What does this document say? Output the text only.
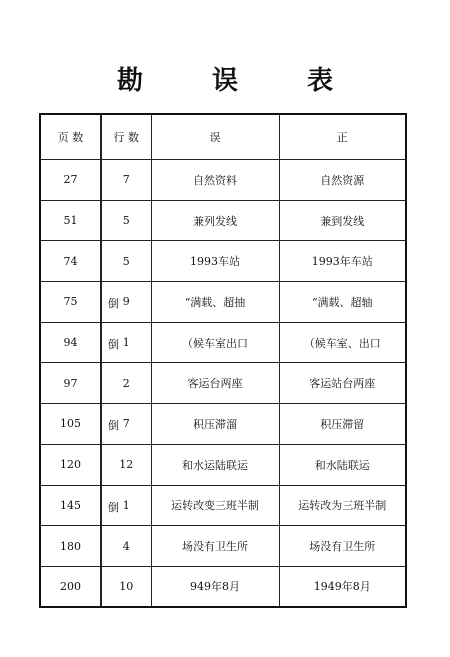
勘 误 表
页 数	行 数	误	正
27	7	自然资料	自然资源
51	5	兼列发线	兼到发线
74	5	1993车站	1993年车站
75	倒 9	“满载、超抽	“满载、超轴
94	倒 1	（候车室出口	（候车室、出口
97	2	客运台两座	客运站台两座
105	倒 7	积压滞溜	积压滞留
120	12	和水运陆联运	和水陆联运
145	倒 1	运转改变三班半制	运转改为三班半制
180	4	场没有卫生所	场没有卫生所
200	10	949年8月	1949年8月
